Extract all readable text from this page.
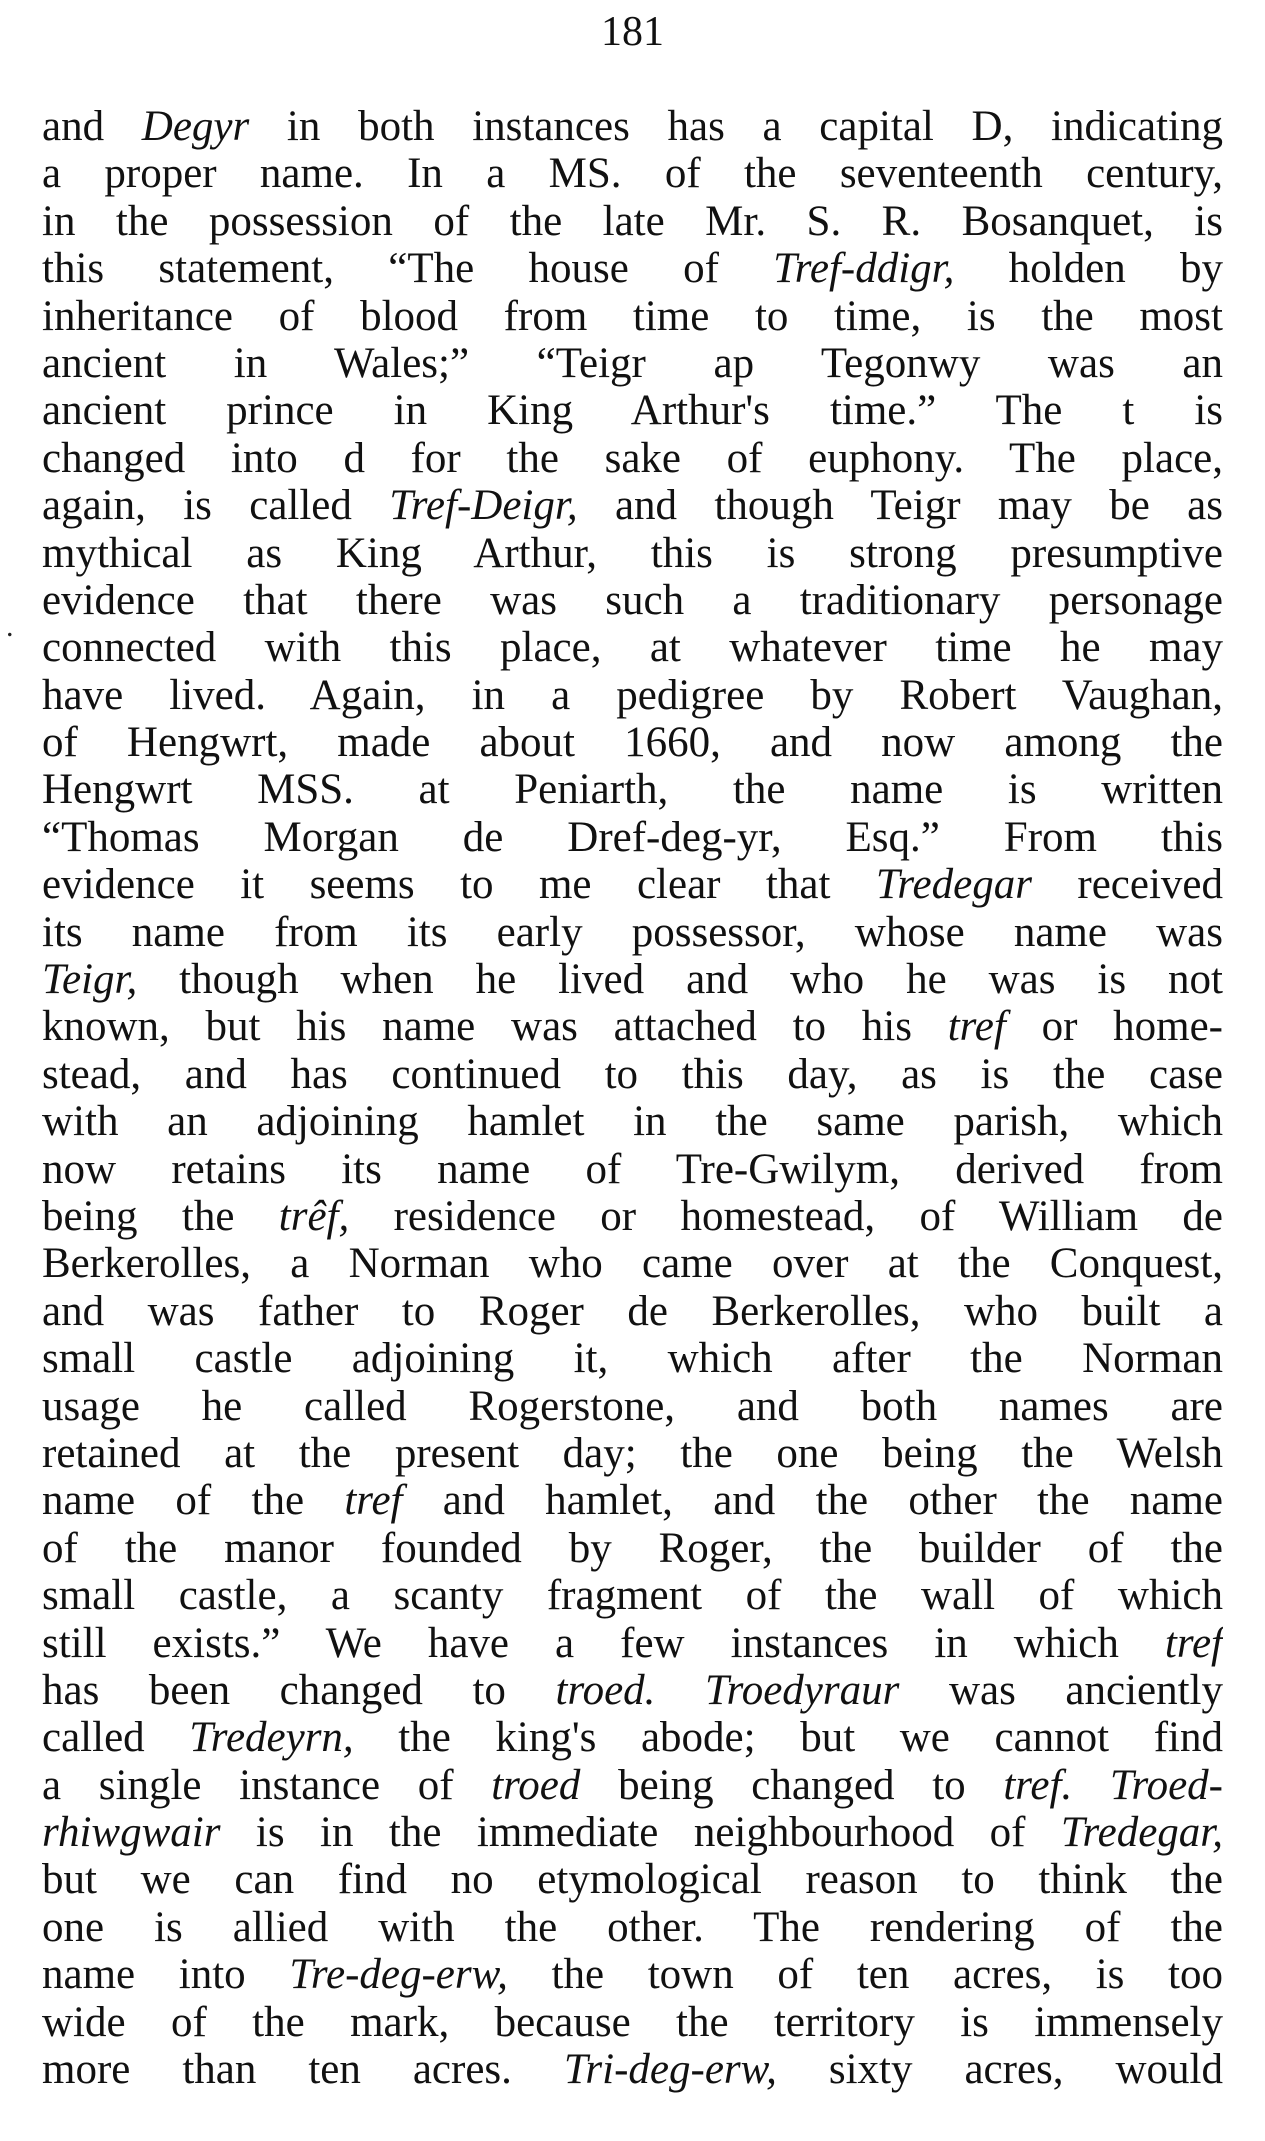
181
.
and Degyr in both instances has a capital D, indicating
a proper name. In a MS. of the seventeenth century,
in the possession of the late Mr. S. R. Bosanquet, is
this statement, “The house of Tref-ddigr, holden by
inheritance of blood from time to time, is the most
ancient in Wales;” “Teigr ap Tegonwy was an
ancient prince in King Arthur's time.” The t is
changed into d for the sake of euphony. The place,
again, is called Tref-Deigr, and though Teigr may be as
mythical as King Arthur, this is strong presumptive
evidence that there was such a traditionary personage
connected with this place, at whatever time he may
have lived. Again, in a pedigree by Robert Vaughan,
of Hengwrt, made about 1660, and now among the
Hengwrt MSS. at Peniarth, the name is written
“Thomas Morgan de Dref-deg-yr, Esq.” From this
evidence it seems to me clear that Tredegar received
its name from its early possessor, whose name was
Teigr, though when he lived and who he was is not
known, but his name was attached to his tref or home-
stead, and has continued to this day, as is the case
with an adjoining hamlet in the same parish, which
now retains its name of Tre-Gwilym, derived from
being the trêf, residence or homestead, of William de
Berkerolles, a Norman who came over at the Conquest,
and was father to Roger de Berkerolles, who built a
small castle adjoining it, which after the Norman
usage he called Rogerstone, and both names are
retained at the present day; the one being the Welsh
name of the tref and hamlet, and the other the name
of the manor founded by Roger, the builder of the
small castle, a scanty fragment of the wall of which
still exists.” We have a few instances in which tref
has been changed to troed. Troedyraur was anciently
called Tredeyrn, the king's abode; but we cannot find
a single instance of troed being changed to tref. Troed-
rhiwgwair is in the immediate neighbourhood of Tredegar,
but we can find no etymological reason to think the
one is allied with the other. The rendering of the
name into Tre-deg-erw, the town of ten acres, is too
wide of the mark, because the territory is immensely
more than ten acres. Tri-deg-erw, sixty acres, would
